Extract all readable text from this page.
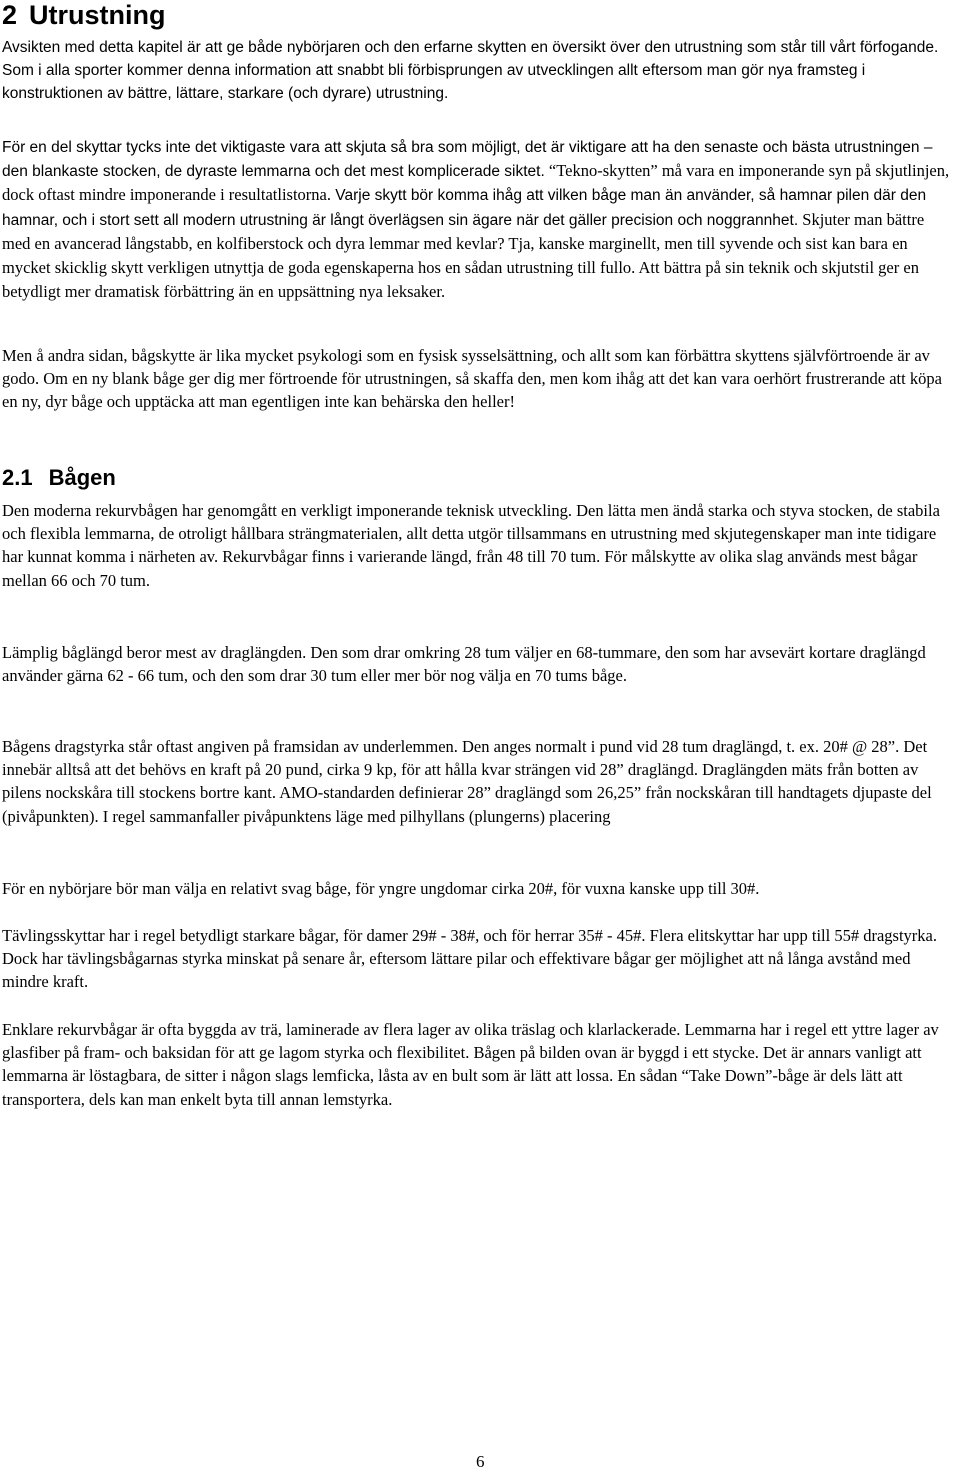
2 Utrustning

Avsikten med detta kapitel är att ge både nybörjaren och den erfarne skytten en översikt över den utrustning som står till vårt förfogande. Som i alla sporter kommer denna information att snabbt bli förbisprungen av utvecklingen allt eftersom man gör nya framsteg i konstruktionen av bättre, lättare, starkare (och dyrare) utrustning.

För en del skyttar tycks inte det viktigaste vara att skjuta så bra som möjligt, det är viktigare att ha den senaste och bästa utrustningen – den blankaste stocken, de dyraste lemmarna och det mest komplicerade siktet. “Tekno-skytten” må vara en imponerande syn på skjutlinjen, dock oftast mindre imponerande i resultatlistorna. Varje skytt bör komma ihåg att vilken båge man än använder, så hamnar pilen där den hamnar, och i stort sett all modern utrustning är långt överlägsen sin ägare när det gäller precision och noggrannhet. Skjuter man bättre med en avancerad långstabb, en kolfiberstock och dyra lemmar med kevlar? Tja, kanske marginellt, men till syvende och sist kan bara en mycket skicklig skytt verkligen utnyttja de goda egenskaperna hos en sådan utrustning till fullo. Att bättra på sin teknik och skjutstil ger en betydligt mer dramatisk förbättring än en uppsättning nya leksaker.

Men å andra sidan, bågskytte är lika mycket psykologi som en fysisk sysselsättning, och allt som kan förbättra skyttens självförtroende är av godo. Om en ny blank båge ger dig mer förtroende för utrustningen, så skaffa den, men kom ihåg att det kan vara oerhört frustrerande att köpa en ny, dyr båge och upptäcka att man egentligen inte kan behärska den heller!

2.1 Bågen

Den moderna rekurvbågen har genomgått en verkligt imponerande teknisk utveckling. Den lätta men ändå starka och styva stocken, de stabila och flexibla lemmarna, de otroligt hållbara strängmaterialen, allt detta utgör tillsammans en utrustning med skjutegenskaper man inte tidigare har kunnat komma i närheten av. Rekurvbågar finns i varierande längd, från 48 till 70 tum. För målskytte av olika slag används mest bågar mellan 66 och 70 tum.

Lämplig båglängd beror mest av draglängden. Den som drar omkring 28 tum väljer en 68-tummare, den som har avsevärt kortare draglängd använder gärna 62 - 66 tum, och den som drar 30 tum eller mer bör nog välja en 70 tums båge.

Bågens dragstyrka står oftast angiven på framsidan av underlemmen. Den anges normalt i pund vid 28 tum draglängd, t. ex. 20# @ 28”. Det innebär alltså att det behövs en kraft på 20 pund, cirka 9 kp, för att hålla kvar strängen vid 28” draglängd. Draglängden mäts från botten av pilens nockskåra till stockens bortre kant. AMO-standarden definierar 28” draglängd som 26,25” från nockskåran till handtagets djupaste del (pivåpunkten). I regel sammanfaller pivåpunktens läge med pilhyllans (plungerns) placering

För en nybörjare bör man välja en relativt svag båge, för yngre ungdomar cirka 20#, för vuxna kanske upp till 30#.

Tävlingsskyttar har i regel betydligt starkare bågar, för damer 29# - 38#, och för herrar 35# - 45#. Flera elitskyttar har upp till 55# dragstyrka. Dock har tävlingsbågarnas styrka minskat på senare år, eftersom lättare pilar och effektivare bågar ger möjlighet att nå långa avstånd med mindre kraft.

Enklare rekurvbågar är ofta byggda av trä, laminerade av flera lager av olika träslag och klarlackerade. Lemmarna har i regel ett yttre lager av glasfiber på fram- och baksidan för att ge lagom styrka och flexibilitet. Bågen på bilden ovan är byggd i ett stycke. Det är annars vanligt att lemmarna är löstagbara, de sitter i någon slags lemficka, låsta av en bult som är lätt att lossa. En sådan “Take Down”-båge är dels lätt att transportera, dels kan man enkelt byta till annan lemstyrka.

6
